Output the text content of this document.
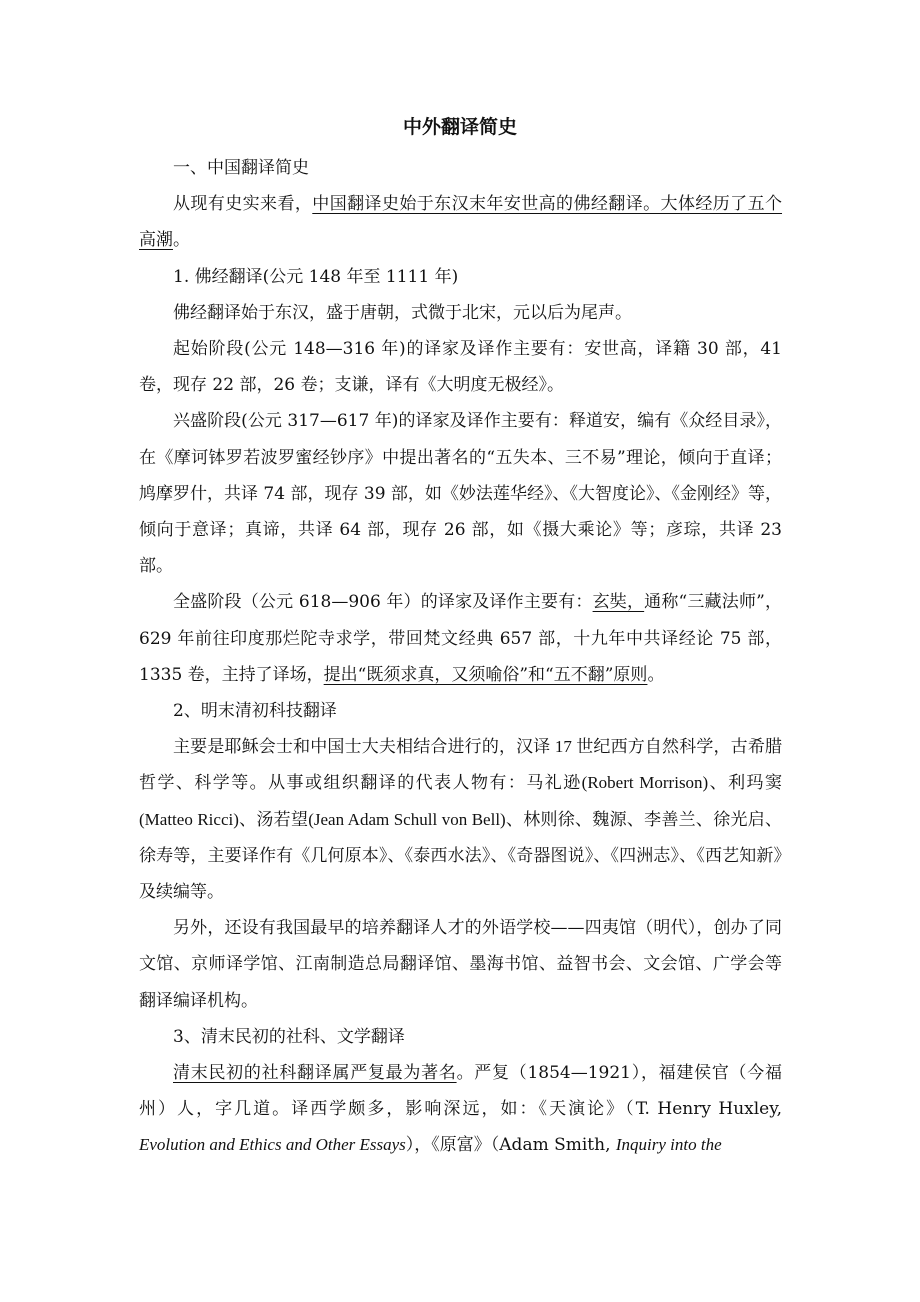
中外翻译简史

一、中国翻译简史

从现有史实来看，中国翻译史始于东汉末年安世高的佛经翻译。大体经历了五个高潮。

1. 佛经翻译(公元 148 年至 1111 年)

佛经翻译始于东汉，盛于唐朝，式微于北宋，元以后为尾声。

起始阶段(公元 148—316 年)的译家及译作主要有：安世高，译籍 30 部，41 卷，现存 22 部，26 卷；支谦，译有《大明度无极经》。

兴盛阶段(公元 317—617 年)的译家及译作主要有：释道安，编有《众经目录》，在《摩诃钵罗若波罗蜜经钞序》中提出著名的“五失本、三不易”理论，倾向于直译；鸠摩罗什，共译 74 部，现存 39 部，如《妙法莲华经》、《大智度论》、《金刚经》等，倾向于意译；真谛，共译 64 部，现存 26 部，如《摄大乘论》等；彦琮，共译 23 部。

全盛阶段（公元 618—906 年）的译家及译作主要有：玄奘，通称“三藏法师”，629 年前往印度那烂陀寺求学，带回梵文经典 657 部，十九年中共译经论 75 部，1335 卷，主持了译场，提出“既须求真，又须喻俗”和“五不翻”原则。

2、明末清初科技翻译

主要是耶稣会士和中国士大夫相结合进行的，汉译 17 世纪西方自然科学，古希腊哲学、科学等。从事或组织翻译的代表人物有：马礼逊(Robert Morrison)、利玛窦(Matteo Ricci)、汤若望(Jean Adam Schull von Bell)、林则徐、魏源、李善兰、徐光启、徐寿等，主要译作有《几何原本》、《泰西水法》、《奇器图说》、《四洲志》、《西艺知新》及续编等。

另外，还设有我国最早的培养翻译人才的外语学校——四夷馆（明代），创办了同文馆、京师译学馆、江南制造总局翻译馆、墨海书馆、益智书会、文会馆、广学会等翻译编译机构。

3、清末民初的社科、文学翻译

清末民初的社科翻译属严复最为著名。严复（1854—1921），福建侯官（今福州）人，字几道。译西学颇多，影响深远，如：《天演论》（T. Henry Huxley, Evolution and Ethics and Other Essays），《原富》（Adam Smith, Inquiry into the
